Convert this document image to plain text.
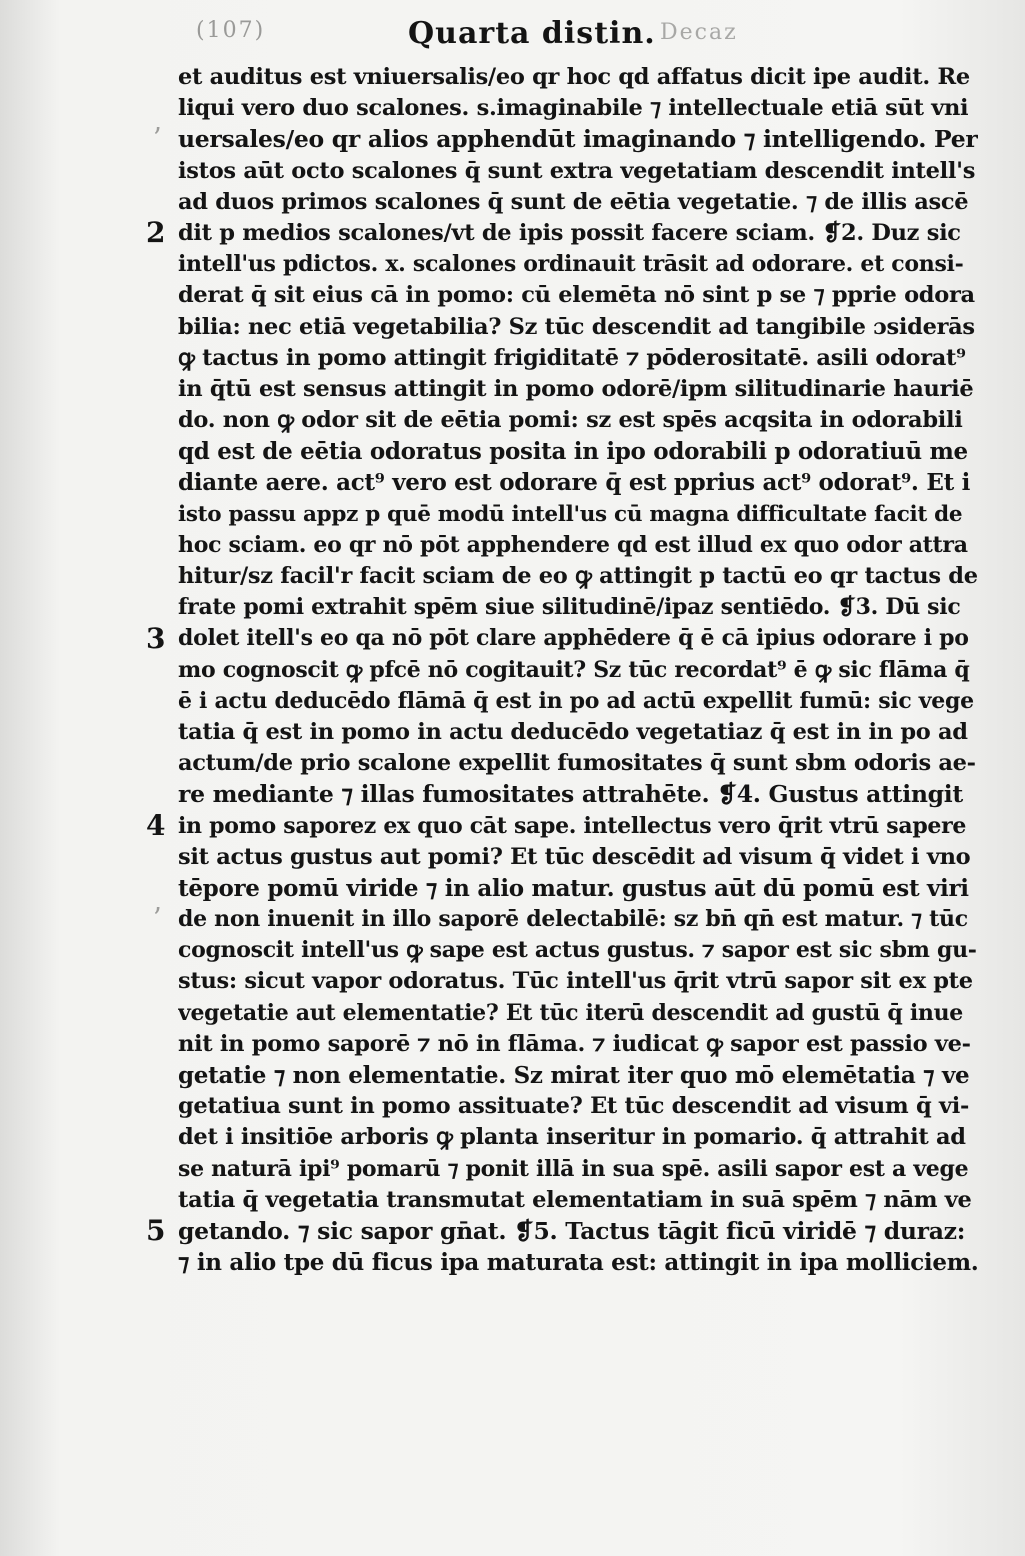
(107)	Quarta distin. Decaz
et auditus est vniuersalis/eo qr hoc qd affatus dicit ipe audit. Re
liqui vero duo scalones. s.imaginabile ⁊ intellectuale etiā sūt vni
uersales/eo qr alios apphendūt imaginando ⁊ intelligendo. Per
istos aūt octo scalones q̄ sunt extra vegetatiam descendit intell's
ad duos primos scalones q̄ sunt de eētia vegetatie. ⁊ de illis ascē
dit p medios scalones/vt de ipis possit facere sciam. ❡2. Duz sic
intell'us pdictos. x. scalones ordinauit trāsit ad odorare. et consi-
derat q̄ sit eius cā in pomo: cū elemēta nō sint p se ⁊ pprie odora
bilia: nec etiā vegetabilia? Sz tūc descendit ad tangibile ɔsiderās
ꝙ tactus in pomo attingit frigiditatē ⁊ pōderositatē. asili odorat⁹
in q̄tū est sensus attingit in pomo odorē/ipm silitudinarie hauriē
do. non ꝙ odor sit de eētia pomi: sz est spēs acqsita in odorabili
qd est de eētia odoratus posita in ipo odorabili p odoratiuū me
diante aere. act⁹ vero est odorare q̄ est pprius act⁹ odorat⁹. Et i
isto passu appz p quē modū intell'us cū magna difficultate facit de
hoc sciam. eo qr nō pōt apphendere qd est illud ex quo odor attra
hitur/sz facil'r facit sciam de eo ꝙ attingit p tactū eo qr tactus de
frate pomi extrahit spēm siue silitudinē/ipaz sentiēdo. ❡3. Dū sic
dolet itell's eo qa nō pōt clare apphēdere q̄ ē cā ipius odorare i po
mo cognoscit ꝙ pfcē nō cogitauit? Sz tūc recordat⁹ ē ꝙ sic flāma q̄
ē i actu deducēdo flāmā q̄ est in po ad actū expellit fumū: sic vege
tatia q̄ est in pomo in actu deducēdo vegetatiaz q̄ est in in po ad
actum/de prio scalone expellit fumositates q̄ sunt sbm odoris ae-
re mediante ⁊ illas fumositates attrahēte. ❡4. Gustus attingit
in pomo saporez ex quo cāt sape. intellectus vero q̄rit vtrū sapere
sit actus gustus aut pomi? Et tūc descēdit ad visum q̄ videt i vno
tēpore pomū viride ⁊ in alio matur. gustus aūt dū pomū est viri
de non inuenit in illo saporē delectabilē: sz bn̄ qn̄ est matur. ⁊ tūc
cognoscit intell'us ꝙ sape est actus gustus. ⁊ sapor est sic sbm gu-
stus: sicut vapor odoratus. Tūc intell'us q̄rit vtrū sapor sit ex pte
vegetatie aut elementatie? Et tūc iterū descendit ad gustū q̄ inue
nit in pomo saporē ⁊ nō in flāma. ⁊ iudicat ꝙ sapor est passio ve-
getatie ⁊ non elementatie. Sz mirat iter quo mō elemētatia ⁊ ve
getatiua sunt in pomo assituate? Et tūc descendit ad visum q̄ vi-
det i insitiōe arboris ꝙ planta inseritur in pomario. q̄ attrahit ad
se naturā ipi⁹ pomarū ⁊ ponit illā in sua spē. asili sapor est a vege
tatia q̄ vegetatia transmutat elementatiam in suā spēm ⁊ nām ve
getando. ⁊ sic sapor gn̄at. ❡5. Tactus tāgit ficū viridē ⁊ duraz:
⁊ in alio tpe dū ficus ipa maturata est: attingit in ipa molliciem.
2
3
4
5
ʼ
ʼ
